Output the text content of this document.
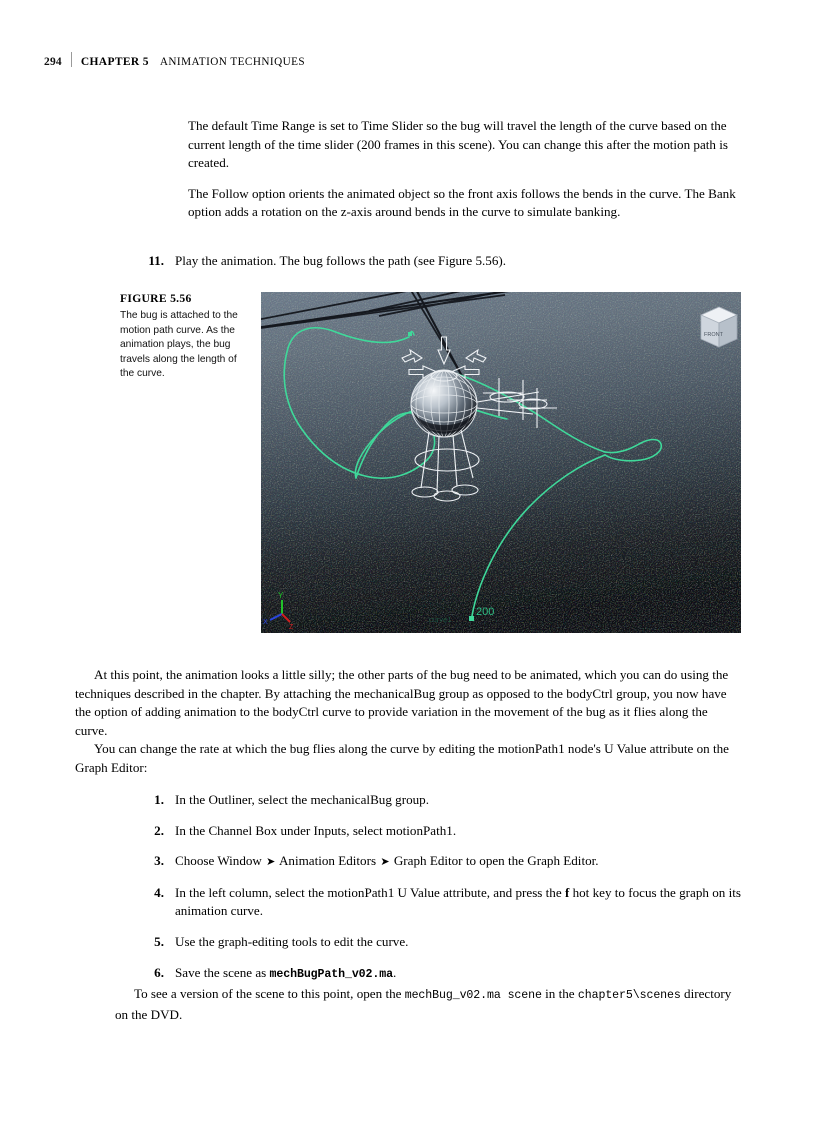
294	CHAPTER 5 ANIMATION TECHNIQUES

The default Time Range is set to Time Slider so the bug will travel the length of the curve based on the current length of the time slider (200 frames in this scene). You can change this after the motion path is created.

The Follow option orients the animated object so the front axis follows the bends in the curve. The Bank option adds a rotation on the z-axis around bends in the curve to simulate banking.

11. Play the animation. The bug follows the path (see Figure 5.56).
FIGURE 5.56
The bug is attached to the motion path curve. As the animation plays, the bug travels along the length of the curve.
200
curve1
FRONT
Y
X
Z

At this point, the animation looks a little silly; the other parts of the bug need to be animated, which you can do using the techniques described in the chapter. By attaching the mechanicalBug group as opposed to the bodyCtrl group, you now have the option of adding animation to the bodyCtrl curve to provide variation in the movement of the bug as it flies along the curve.

You can change the rate at which the bug flies along the curve by editing the motionPath1 node's U Value attribute on the Graph Editor:

1. In the Outliner, select the mechanicalBug group.
2. In the Channel Box under Inputs, select motionPath1.
3. Choose Window ➤ Animation Editors ➤ Graph Editor to open the Graph Editor.
4. In the left column, select the motionPath1 U Value attribute, and press the f hot key to focus the graph on its animation curve.
5. Use the graph-editing tools to edit the curve.
6. Save the scene as mechBugPath_v02.ma.

To see a version of the scene to this point, open the mechBug_v02.ma scene in the chapter5\scenes directory on the DVD.
